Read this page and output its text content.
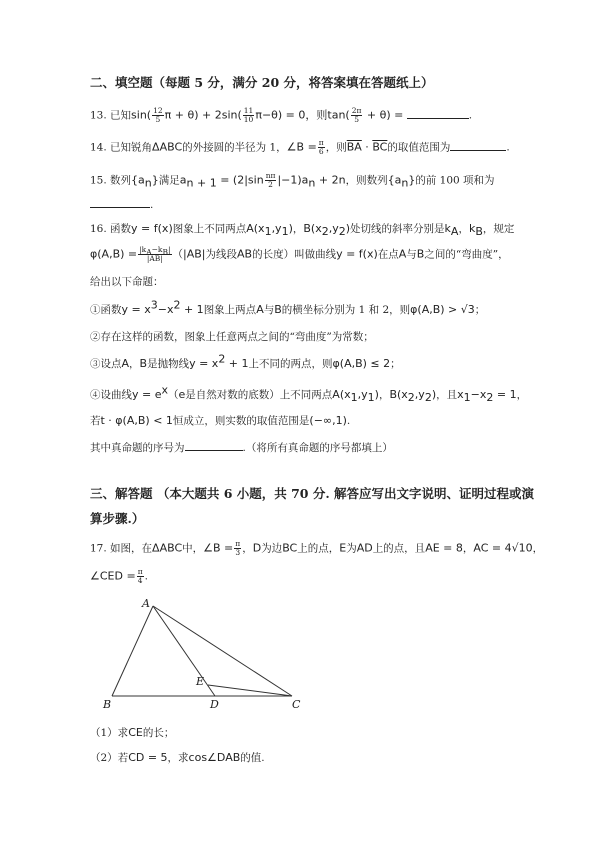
二、填空题（每题 5 分，满分 20 分，将答案填在答题纸上）
13. 已知$\sin( \frac{12}{5}$ $\pi + \theta) + 2\sin( \frac{11}{10} \pi-\theta) = 0$，则$\tan( \frac{2\pi}{5} + \theta)$ =	.
14. 已知锐角ΔABC的外接圆的半径为 1，∠B = $\frac{\pi}{6}$ ，则$\overline{BA} \cdot \overline{BC}$的取值范围为	.
15. 数列$\{a_n\}$满足$a_{n + 1} = (2|\sin \frac{n\pi}{2} |-1)a_n + 2n$，则数列$\{a_n\}$的前 100 项和为
.
16. 函数y = f(x)图象上不同两点$A(x_1,y_1)$，$B(x_2,y_2)$处切线的斜率分别是$k_A$，$k_B$，规定
$\varphi(A,B) = \frac{|k_A-k_B|}{|AB|} (|AB|$为线段AB的长度）叫做曲线y = f(x)在点A与B之间的“弯曲度”，
给出以下命题：
①函数$y = x^3-x^2 + 1$图象上两点A与B的横坐标分别为 1 和 2，则φ(A,B) > √3；
②存在这样的函数，图象上任意两点之间的“弯曲度”为常数；
③设点A，B是抛物线$y = x^2 + 1$上不同的两点，则φ(A,B) ≤ 2；
④设曲线$y = e^x(e$是自然对数的底数）上不同两点$A(x_1,y_1)$，$B(x_2,y_2)$，且$x_1-x_2 = 1$，
若t · φ(A,B) < 1恒成立，则实数的取值范围是(−∞,1).
其中真命题的序号为	.（将所有真命题的序号都填上）
三、解答题 （本大题共 6 小题，共 70 分. 解答应写出文字说明、证明过程或演
算步骤.）
17. 如图，在ΔABC中，∠B = $\frac{\pi}{3}$ ，D为边BC上的点，E为AD上的点，且AE = 8，AC = 4√10，
∠CED = $\frac{\pi}{4}$ .
A
B	C
D
E
（1）求CE的长；
（2）若CD = 5，求cos∠DAB的值.
